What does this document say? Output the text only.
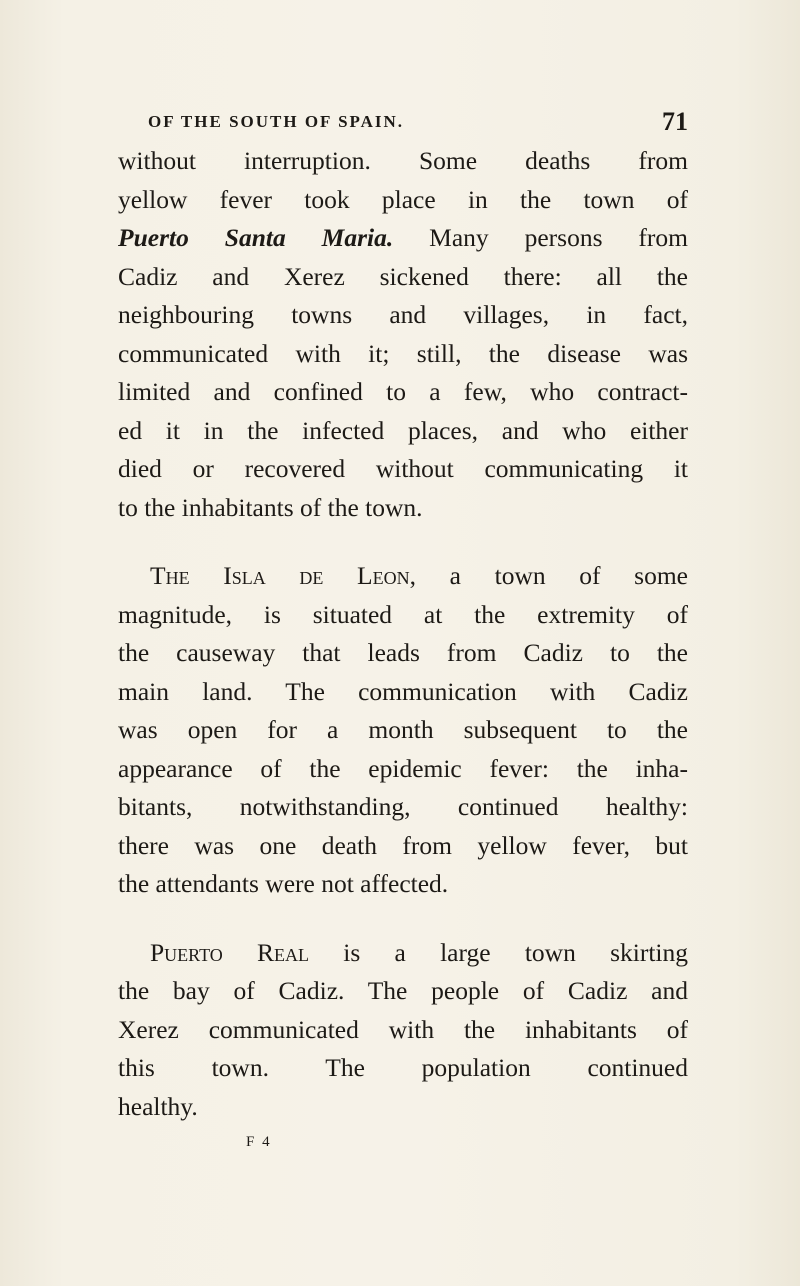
OF THE SOUTH OF SPAIN.	71
without interruption. Some deaths from
yellow fever took place in the town of
Puerto Santa Maria. Many persons from
Cadiz and Xerez sickened there: all the
neighbouring towns and villages, in fact,
communicated with it; still, the disease was
limited and confined to a few, who contract-
ed it in the infected places, and who either
died or recovered without communicating it
to the inhabitants of the town.
The Isla de Leon, a town of some
magnitude, is situated at the extremity of
the causeway that leads from Cadiz to the
main land. The communication with Cadiz
was open for a month subsequent to the
appearance of the epidemic fever: the inha-
bitants, notwithstanding, continued healthy:
there was one death from yellow fever, but
the attendants were not affected.
Puerto Real is a large town skirting
the bay of Cadiz. The people of Cadiz and
Xerez communicated with the inhabitants of
this town. The population continued
healthy.
F 4
